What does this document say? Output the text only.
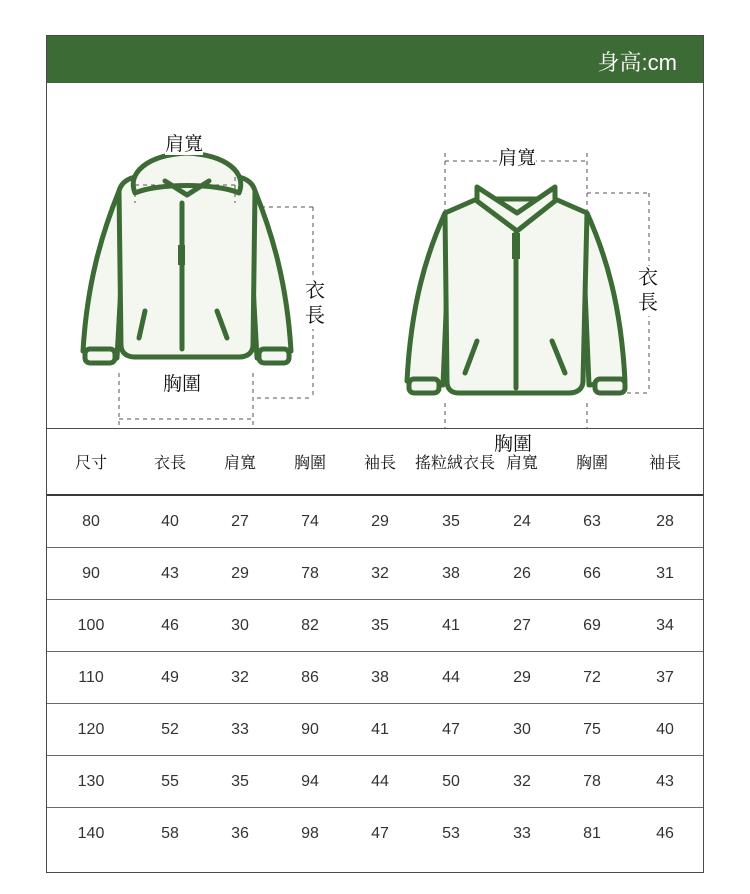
身高:cm
肩寬
衣
長
胸圍
肩寬
衣
長
胸圍
尺寸	衣長	肩寬	胸圍	袖長	搖粒絨衣長	肩寬	胸圍	袖長
80	40	27	74	29	35	24	63	28
90	43	29	78	32	38	26	66	31
100	46	30	82	35	41	27	69	34
110	49	32	86	38	44	29	72	37
120	52	33	90	41	47	30	75	40
130	55	35	94	44	50	32	78	43
140	58	36	98	47	53	33	81	46
